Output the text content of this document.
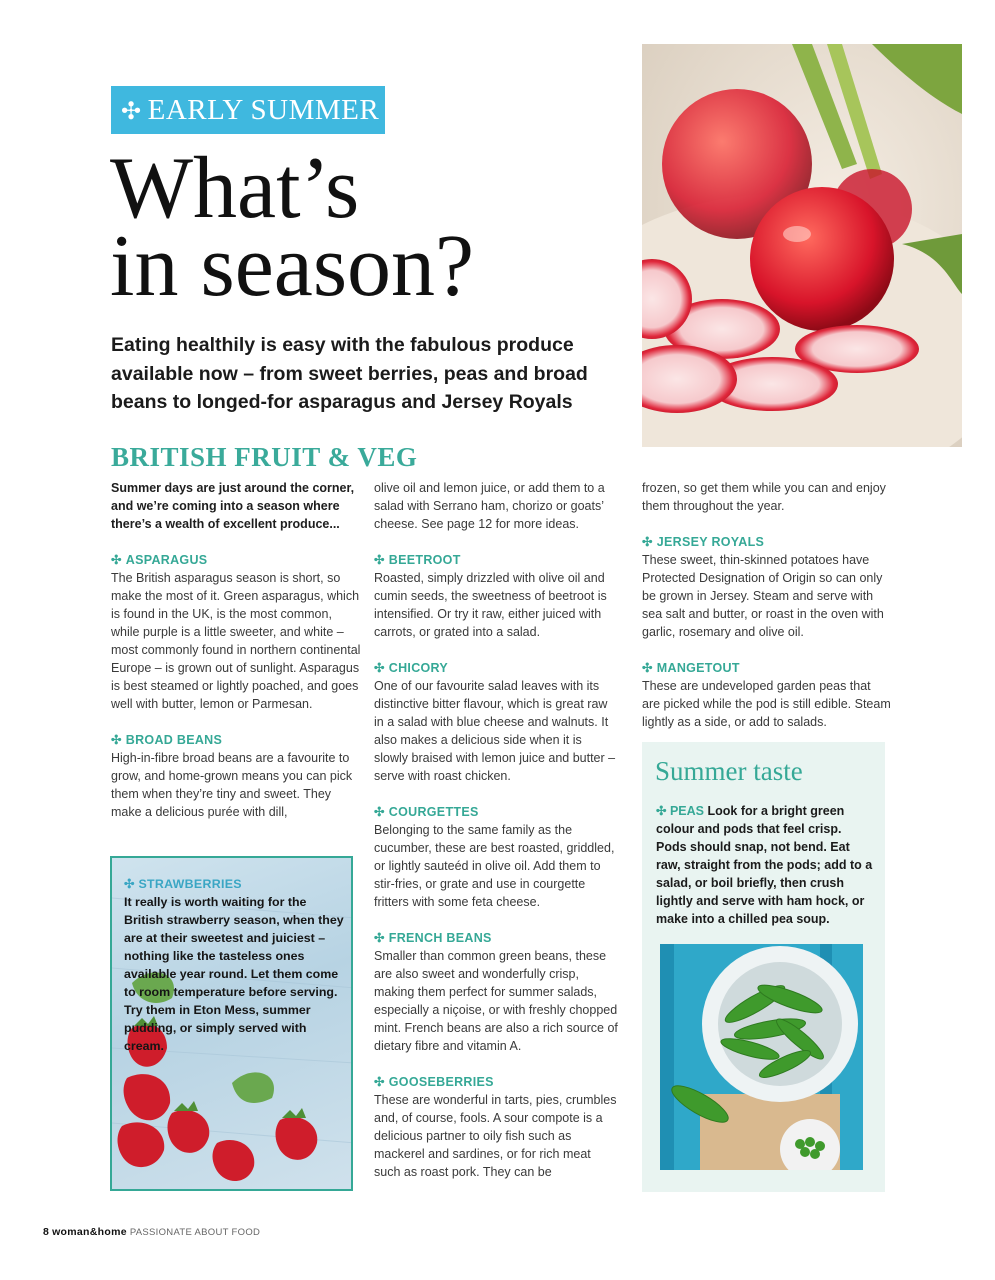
✣ EARLY SUMMER
What’s
in season?

Eating healthily is easy with the fabulous produce available now – from sweet berries, peas and broad beans to longed-for asparagus and Jersey Royals

BRITISH FRUIT & VEG

Summer days are just around the corner, and we’re coming into a season where there’s a wealth of excellent produce...

✣ ASPARAGUS

The British asparagus season is short, so make the most of it. Green asparagus, which is found in the UK, is the most common, while purple is a little sweeter, and white – most commonly found in northern continental Europe – is grown out of sunlight. Asparagus is best steamed or lightly poached, and goes well with butter, lemon or Parmesan.

✣ BROAD BEANS

High-in-fibre broad beans are a favourite to grow, and home-grown means you can pick them when they’re tiny and sweet. They make a delicious purée with dill,

✣ STRAWBERRIES

It really is worth waiting for the British strawberry season, when they are at their sweetest and juiciest – nothing like the tasteless ones available year round. Let them come to room temperature before serving. Try them in Eton Mess, summer pudding, or simply served with cream.

olive oil and lemon juice, or add them to a salad with Serrano ham, chorizo or goats’ cheese. See page 12 for more ideas.

✣ BEETROOT

Roasted, simply drizzled with olive oil and cumin seeds, the sweetness of beetroot is intensified. Or try it raw, either juiced with carrots, or grated into a salad.

✣ CHICORY

One of our favourite salad leaves with its distinctive bitter flavour, which is great raw in a salad with blue cheese and walnuts. It also makes a delicious side when it is slowly braised with lemon juice and butter – serve with roast chicken.

✣ COURGETTES

Belonging to the same family as the cucumber, these are best roasted, griddled, or lightly sauteéd in olive oil. Add them to stir-fries, or grate and use in courgette fritters with some feta cheese.

✣ FRENCH BEANS

Smaller than common green beans, these are also sweet and wonderfully crisp, making them perfect for summer salads, especially a niçoise, or with freshly chopped mint. French beans are also a rich source of dietary fibre and vitamin A.

✣ GOOSEBERRIES

These are wonderful in tarts, pies, crumbles and, of course, fools. A sour compote is a delicious partner to oily fish such as mackerel and sardines, or for rich meat such as roast pork. They can be

frozen, so get them while you can and enjoy them throughout the year.

✣ JERSEY ROYALS

These sweet, thin-skinned potatoes have Protected Designation of Origin so can only be grown in Jersey. Steam and serve with sea salt and butter, or roast in the oven with garlic, rosemary and olive oil.

✣ MANGETOUT

These are undeveloped garden peas that are picked while the pod is still edible. Steam lightly as a side, or add to salads.

Summer taste
✣ PEAS Look for a bright green colour and pods that feel crisp. Pods should snap, not bend. Eat raw, straight from the pods; add to a salad, or boil briefly, then crush lightly and serve with ham hock, or make into a chilled pea soup.
8 woman&home PASSIONATE ABOUT FOOD
